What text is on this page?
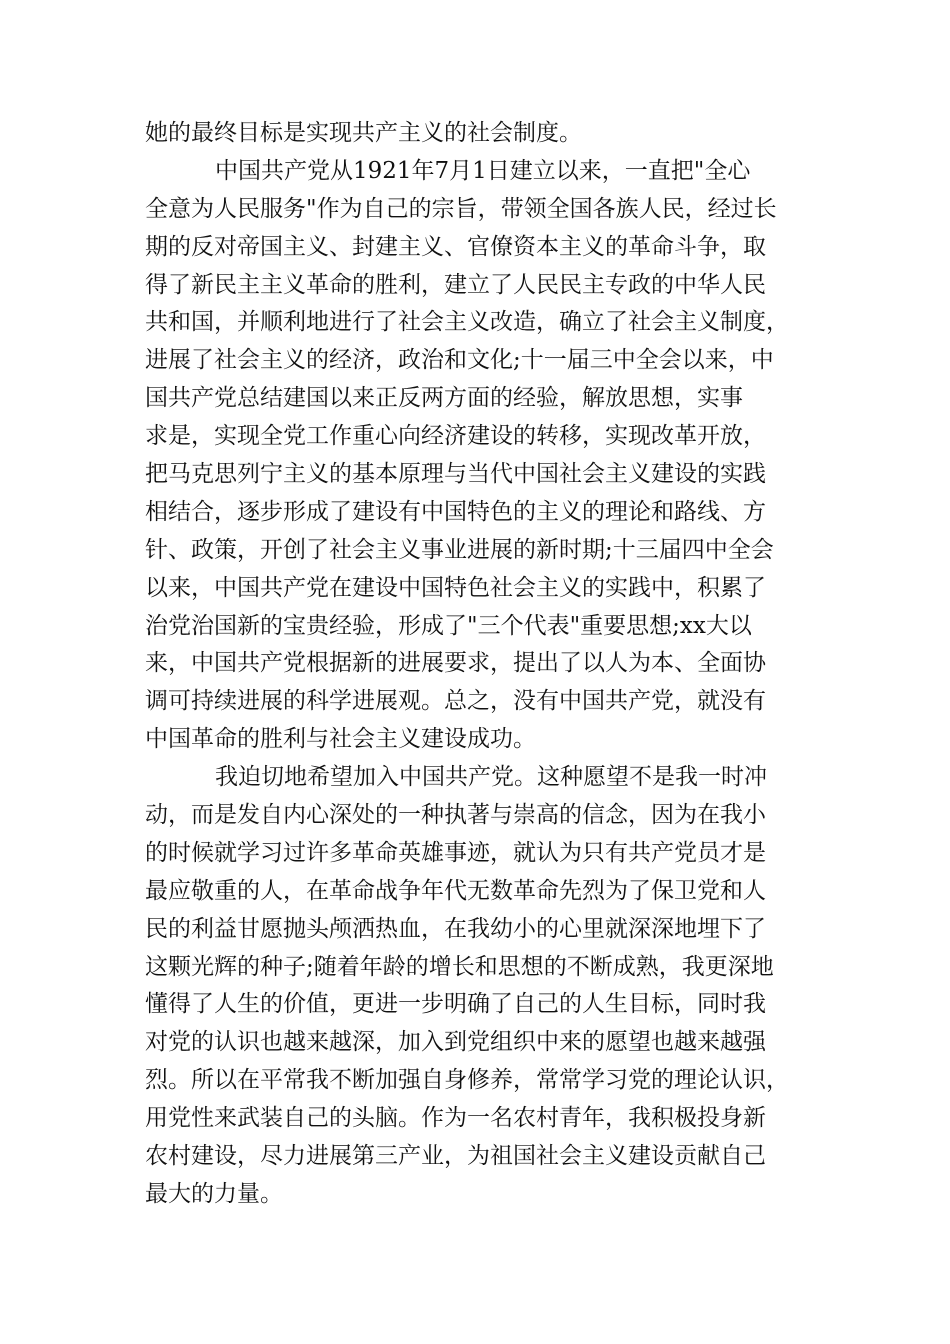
她的最终目标是实现共产主义的社会制度。
中国共产党从1921年7月1日建立以来，一直把"全心
全意为人民服务"作为自己的宗旨，带领全国各族人民，经过长
期的反对帝国主义、封建主义、官僚资本主义的革命斗争，取
得了新民主主义革命的胜利，建立了人民民主专政的中华人民
共和国，并顺利地进行了社会主义改造，确立了社会主义制度，
进展了社会主义的经济，政治和文化;十一届三中全会以来，中
国共产党总结建国以来正反两方面的经验，解放思想，实事
求是，实现全党工作重心向经济建设的转移，实现改革开放，
把马克思列宁主义的基本原理与当代中国社会主义建设的实践
相结合，逐步形成了建设有中国特色的主义的理论和路线、方
针、政策，开创了社会主义事业进展的新时期;十三届四中全会
以来，中国共产党在建设中国特色社会主义的实践中，积累了
治党治国新的宝贵经验，形成了"三个代表"重要思想;xx大以
来，中国共产党根据新的进展要求，提出了以人为本、全面协
调可持续进展的科学进展观。总之，没有中国共产党，就没有
中国革命的胜利与社会主义建设成功。
我迫切地希望加入中国共产党。这种愿望不是我一时冲
动，而是发自内心深处的一种执著与崇高的信念，因为在我小
的时候就学习过许多革命英雄事迹，就认为只有共产党员才是
最应敬重的人，在革命战争年代无数革命先烈为了保卫党和人
民的利益甘愿抛头颅洒热血，在我幼小的心里就深深地埋下了
这颗光辉的种子;随着年龄的增长和思想的不断成熟，我更深地
懂得了人生的价值，更进一步明确了自己的人生目标，同时我
对党的认识也越来越深，加入到党组织中来的愿望也越来越强
烈。所以在平常我不断加强自身修养，常常学习党的理论认识，
用党性来武装自己的头脑。作为一名农村青年，我积极投身新
农村建设，尽力进展第三产业，为祖国社会主义建设贡献自己
最大的力量。
